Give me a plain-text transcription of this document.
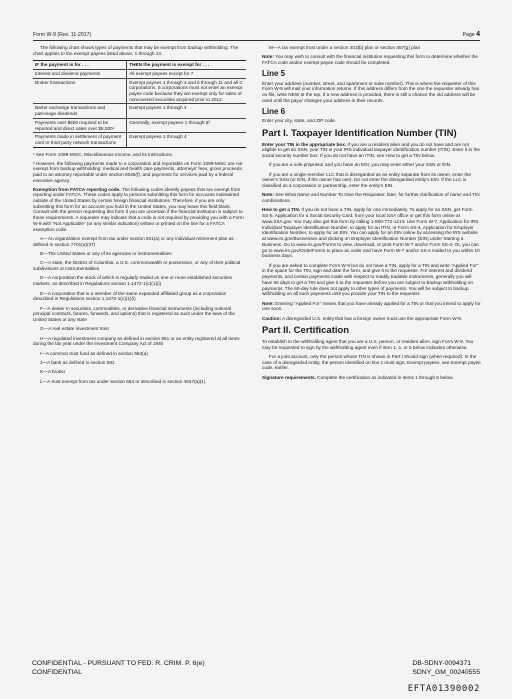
Form W-9 (Rev. 11-2017)	Page 4

The following chart shows types of payments that may be exempt from backup withholding. The chart applies to the exempt payees listed above, 1 through 13.

IF the payment is for . . .	THEN the payment is exempt for . . .
Interest and dividend payments	All exempt payees except for 7
Broker transactions	Exempt payees 1 through 4 and 6 through 11 and all C corporations. S corporations must not enter an exempt payee code because they are exempt only for sales of noncovered securities acquired prior to 2012.
Barter exchange transactions and patronage dividends	Exempt payees 1 through 4
Payments over $600 required to be reported and direct sales over $5,000¹	Generally, exempt payees 1 through 5²
Payments made in settlement of payment card or third party network transactions	Exempt payees 1 through 4

¹ See Form 1099-MISC, Miscellaneous Income, and its instructions.

² However, the following payments made to a corporation and reportable on Form 1099-MISC are not exempt from backup withholding: medical and health care payments, attorneys' fees, gross proceeds paid to an attorney reportable under section 6045(f), and payments for services paid by a federal executive agency.

Exemption from FATCA reporting code. The following codes identify payees that are exempt from reporting under FATCA. These codes apply to persons submitting this form for accounts maintained outside of the United States by certain foreign financial institutions. Therefore, if you are only submitting this form for an account you hold in the United States, you may leave this field blank. Consult with the person requesting this form if you are uncertain if the financial institution is subject to these requirements. A requester may indicate that a code is not required by providing you with a Form W-9 with “Not Applicable” (or any similar indication) written or printed on the line for a FATCA exemption code.

A—An organization exempt from tax under section 501(a) or any individual retirement plan as defined in section 7701(a)(37)

B—The United States or any of its agencies or instrumentalities

C—A state, the District of Columbia, a U.S. commonwealth or possession, or any of their political subdivisions or instrumentalities

D—A corporation the stock of which is regularly traded on one or more established securities markets, as described in Regulations section 1.1472-1(c)(1)(i)

E—A corporation that is a member of the same expanded affiliated group as a corporation described in Regulations section 1.1472-1(c)(1)(i)

F—A dealer in securities, commodities, or derivative financial instruments (including notional principal contracts, futures, forwards, and options) that is registered as such under the laws of the United States or any state

G—A real estate investment trust

H—A regulated investment company as defined in section 851 or an entity registered at all times during the tax year under the Investment Company Act of 1940

I—A common trust fund as defined in section 584(a)

J—A bank as defined in section 581

K—A broker

L—A trust exempt from tax under section 664 or described in section 4947(a)(1)

M—A tax exempt trust under a section 403(b) plan or section 457(g) plan

Note: You may wish to consult with the financial institution requesting this form to determine whether the FATCA code and/or exempt payee code should be completed.

Line 5

Enter your address (number, street, and apartment or suite number). This is where the requester of this Form W-9 will mail your information returns. If this address differs from the one the requester already has on file, write NEW at the top. If a new address is provided, there is still a chance the old address will be used until the payor changes your address in their records.

Line 6

Enter your city, state, and ZIP code.

Part I. Taxpayer Identification Number (TIN)

Enter your TIN in the appropriate box. If you are a resident alien and you do not have and are not eligible to get an SSN, your TIN is your IRS individual taxpayer identification number (ITIN). Enter it in the social security number box. If you do not have an ITIN, see How to get a TIN below.

If you are a sole proprietor and you have an EIN, you may enter either your SSN or EIN.

If you are a single-member LLC that is disregarded as an entity separate from its owner, enter the owner's SSN (or EIN, if the owner has one). Do not enter the disregarded entity's EIN. If the LLC is classified as a corporation or partnership, enter the entity's EIN.

Note: See What Name and Number To Give the Requester, later, for further clarification of name and TIN combinations.

How to get a TIN. If you do not have a TIN, apply for one immediately. To apply for an SSN, get Form SS-5, Application for a Social Security Card, from your local SSA office or get this form online at www.SSA.gov. You may also get this form by calling 1-800-772-1213. Use Form W-7, Application for IRS Individual Taxpayer Identification Number, to apply for an ITIN, or Form SS-4, Application for Employer Identification Number, to apply for an EIN. You can apply for an EIN online by accessing the IRS website at www.irs.gov/Businesses and clicking on Employer Identification Number (EIN) under Starting a Business. Go to www.irs.gov/Forms to view, download, or print Form W-7 and/or Form SS-4. Or, you can go to www.irs.gov/OrderForms to place an order and have Form W-7 and/or SS-4 mailed to you within 10 business days.

If you are asked to complete Form W-9 but do not have a TIN, apply for a TIN and write “Applied For” in the space for the TIN, sign and date the form, and give it to the requester. For interest and dividend payments, and certain payments made with respect to readily tradable instruments, generally you will have 60 days to get a TIN and give it to the requester before you are subject to backup withholding on payments. The 60-day rule does not apply to other types of payments. You will be subject to backup withholding on all such payments until you provide your TIN to the requester.

Note: Entering “Applied For” means that you have already applied for a TIN or that you intend to apply for one soon.

Caution: A disregarded U.S. entity that has a foreign owner must use the appropriate Form W-8.

Part II. Certification

To establish to the withholding agent that you are a U.S. person, or resident alien, sign Form W-9. You may be requested to sign by the withholding agent even if item 1, 4, or 5 below indicates otherwise.

For a joint account, only the person whose TIN is shown in Part I should sign (when required). In the case of a disregarded entity, the person identified on line 1 must sign. Exempt payees, see Exempt payee code, earlier.

Signature requirements. Complete the certification as indicated in items 1 through 5 below.

CONFIDENTIAL - PURSUANT TO FED. R. CRIM. P. 6(e)
CONFIDENTIAL
DB-SDNY-0094371
SDNY_GM_00240555
EFTA01390002
